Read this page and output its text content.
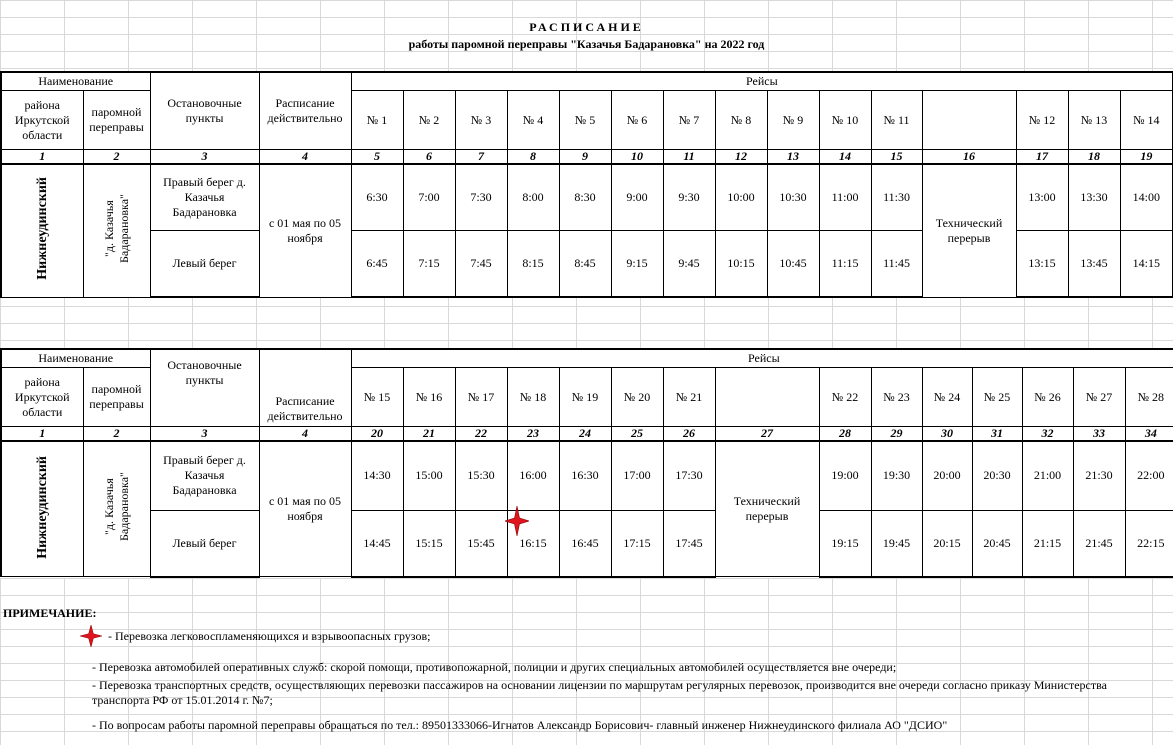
РАСПИСАНИЕ
работы паромной переправы "Казачья Бадарановка" на 2022 год
Наименование		Остановочные пункты	Расписание действительно	Рейсы														
района Иркутской области	паромной переправы			№ 1	№ 2	№ 3	№ 4	№ 5	№ 6	№ 7	№ 8	№ 9	№ 10	№ 11		№ 12	№ 13	№ 14
1	2	3	4	5	6	7	8	9	10	11	12	13	14	15	16	17	18	19
Нижнеудинский	"д. Казачья Бадарановка"	Правый берег д. Казачья Бадарановка	с 01 мая по 05 ноября	6:30	7:00	7:30	8:00	8:30	9:00	9:30	10:00	10:30	11:00	11:30	Технический перерыв	13:00	13:30	14:00
		Левый берег		6:45	7:15	7:45	8:15	8:45	9:15	9:45	10:15	10:45	11:15	11:45		13:15	13:45	14:15
Наименование		Остановочные пункты	Расписание действительно	Рейсы														
района Иркутской области	паромной переправы			№ 15	№ 16	№ 17	№ 18	№ 19	№ 20	№ 21		№ 22	№ 23	№ 24	№ 25	№ 26	№ 27	№ 28
1	2	3	4	20	21	22	23	24	25	26	27	28	29	30	31	32	33	34
Нижнеудинский	"д. Казачья Бадарановка"	Правый берег д. Казачья Бадарановка	с 01 мая по 05 ноября	14:30	15:00	15:30	16:00	16:30	17:00	17:30	Технический перерыв	19:00	19:30	20:00	20:30	21:00	21:30	22:00
		Левый берег		14:45	15:15	15:45	16:15	16:45	17:15	17:45		19:15	19:45	20:15	20:45	21:15	21:45	22:15
ПРИМЕЧАНИЕ:
- Перевозка легковоспламеняющихся и взрывоопасных грузов;
- Перевозка автомобилей оперативных служб: скорой помощи, противопожарной, полиции и других специальных автомобилей осуществляется вне очереди;
- Перевозка транспортных средств, осуществляющих перевозки пассажиров на основании лицензии по маршрутам регулярных перевозок, производится вне очереди согласно приказу Министерства транспорта РФ от 15.01.2014 г. №7;
- По вопросам работы паромной переправы обращаться по тел.: 89501333066-Игнатов Александр Борисович- главный инженер Нижнеудинского филиала АО "ДСИО"
